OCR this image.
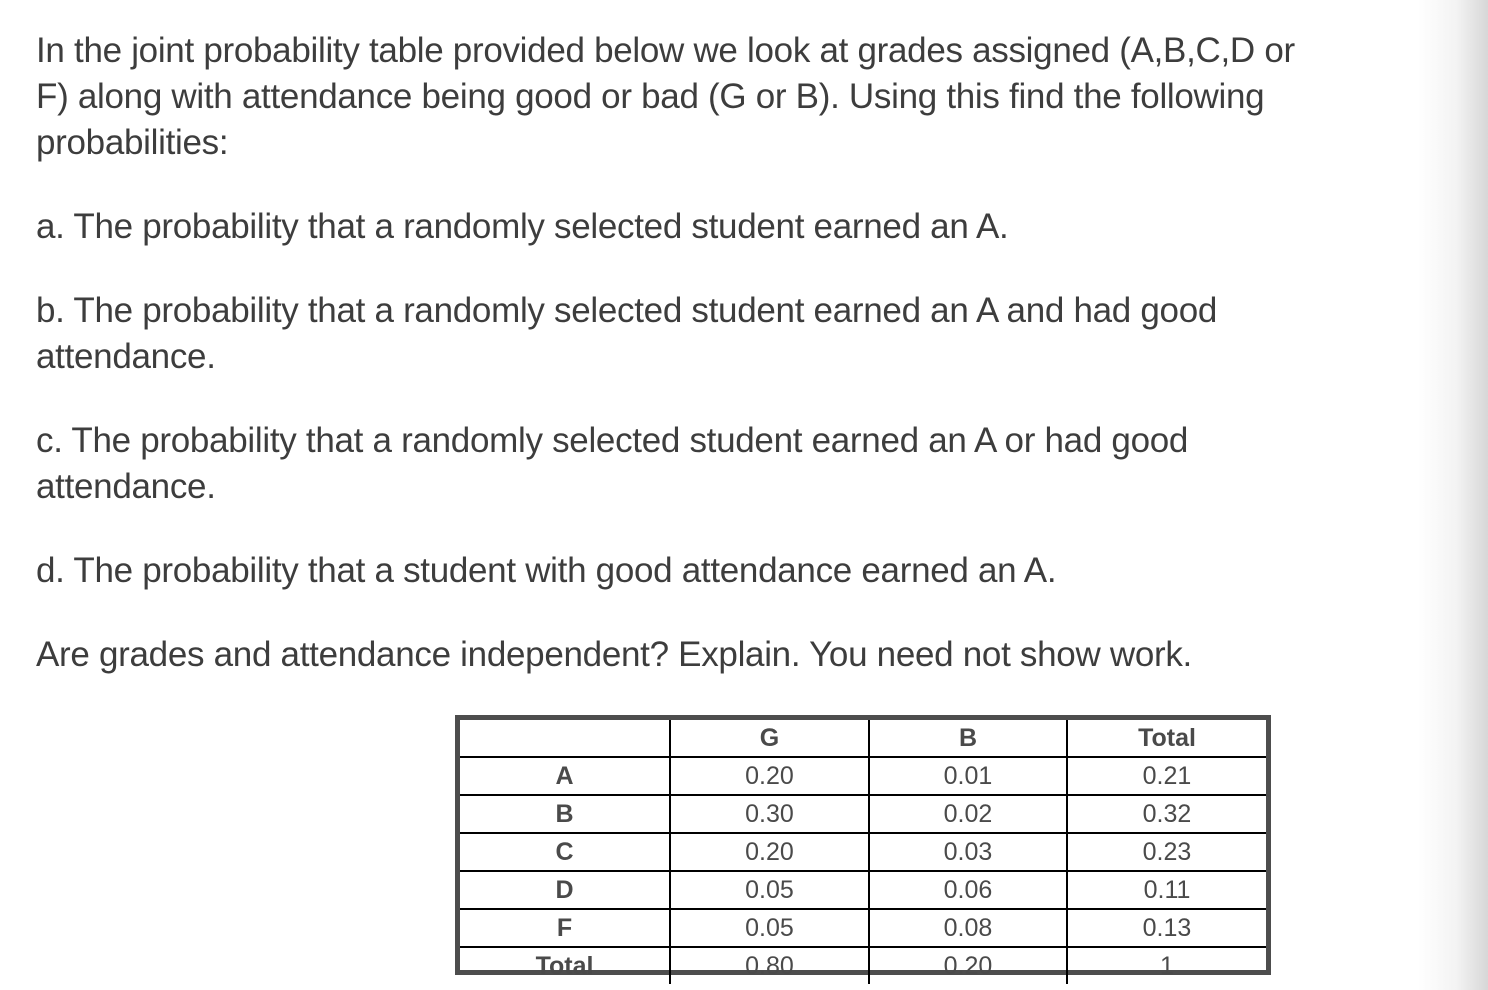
In the joint probability table provided below we look at grades assigned (A,B,C,D or
F) along with attendance being good or bad (G or B). Using this find the following
probabilities:
a. The probability that a randomly selected student earned an A.
b. The probability that a randomly selected student earned an A and had good
attendance.
c. The probability that a randomly selected student earned an A or had good
attendance.
d. The probability that a student with good attendance earned an A.
Are grades and attendance independent? Explain. You need not show work.
	G	B	Total
A	0.20	0.01	0.21
B	0.30	0.02	0.32
C	0.20	0.03	0.23
D	0.05	0.06	0.11
F	0.05	0.08	0.13
Total	0.80	0.20	1
